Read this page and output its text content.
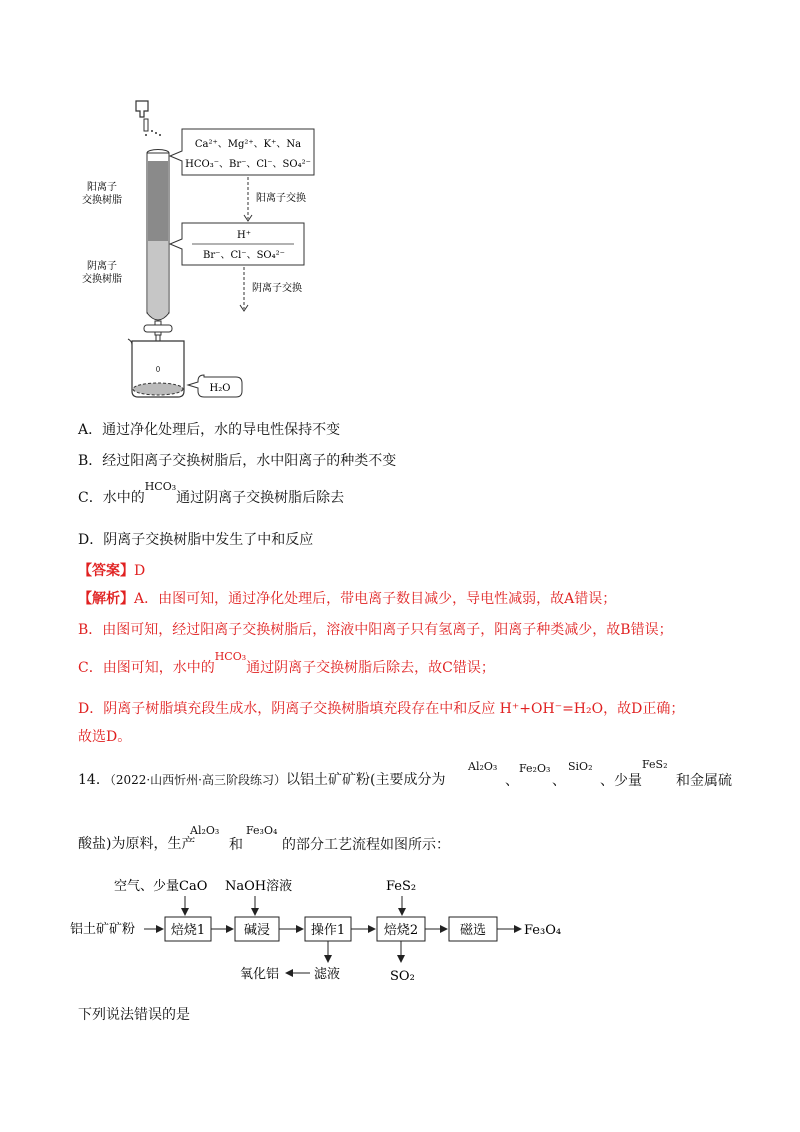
阳离子
交换树脂
阴离子
交换树脂
Ca²⁺、Mg²⁺、K⁺、Na
HCO₃⁻、Br⁻、Cl⁻、SO₄²⁻
阳离子交换
H⁺
Br⁻、Cl⁻、SO₄²⁻
阴离子交换
H₂O
A．通过净化处理后，水的导电性保持不变
B．经过阳离子交换树脂后，水中阳离子的种类不变
C．水中的$^{HCO_3}$通过阴离子交换树脂后除去
D．阴离子交换树脂中发生了中和反应
【答案】D
【解析】A．由图可知，通过净化处理后，带电离子数目减少，导电性减弱，故A错误；
B．由图可知，经过阳离子交换树脂后，溶液中阳离子只有氢离子，阳离子种类减少，故B错误；
C．由图可知，水中的$^{HCO_3}$通过阴离子交换树脂后除去，故C错误；
D．阴离子树脂填充段生成水，阴离子交换树脂填充段存在中和反应 H⁺+OH⁻=H₂O，故D正确；
故选D。
14．（2022·山西忻州·高三阶段练习）以铝土矿矿粉(主要成分为
Al₂O₃
、
Fe₂O₃
、
SiO₂
、少量
FeS₂
和金属硫
酸盐)为原料，生产
Al₂O₃
和
Fe₃O₄
的部分工艺流程如图所示：
空气、少量CaO NaOH溶液	FeS₂
铝土矿矿粉	焙烧1	碱浸	操作1	焙烧2	磁选	Fe₃O₄
滤液
氧化铝	SO₂
下列说法错误的是
